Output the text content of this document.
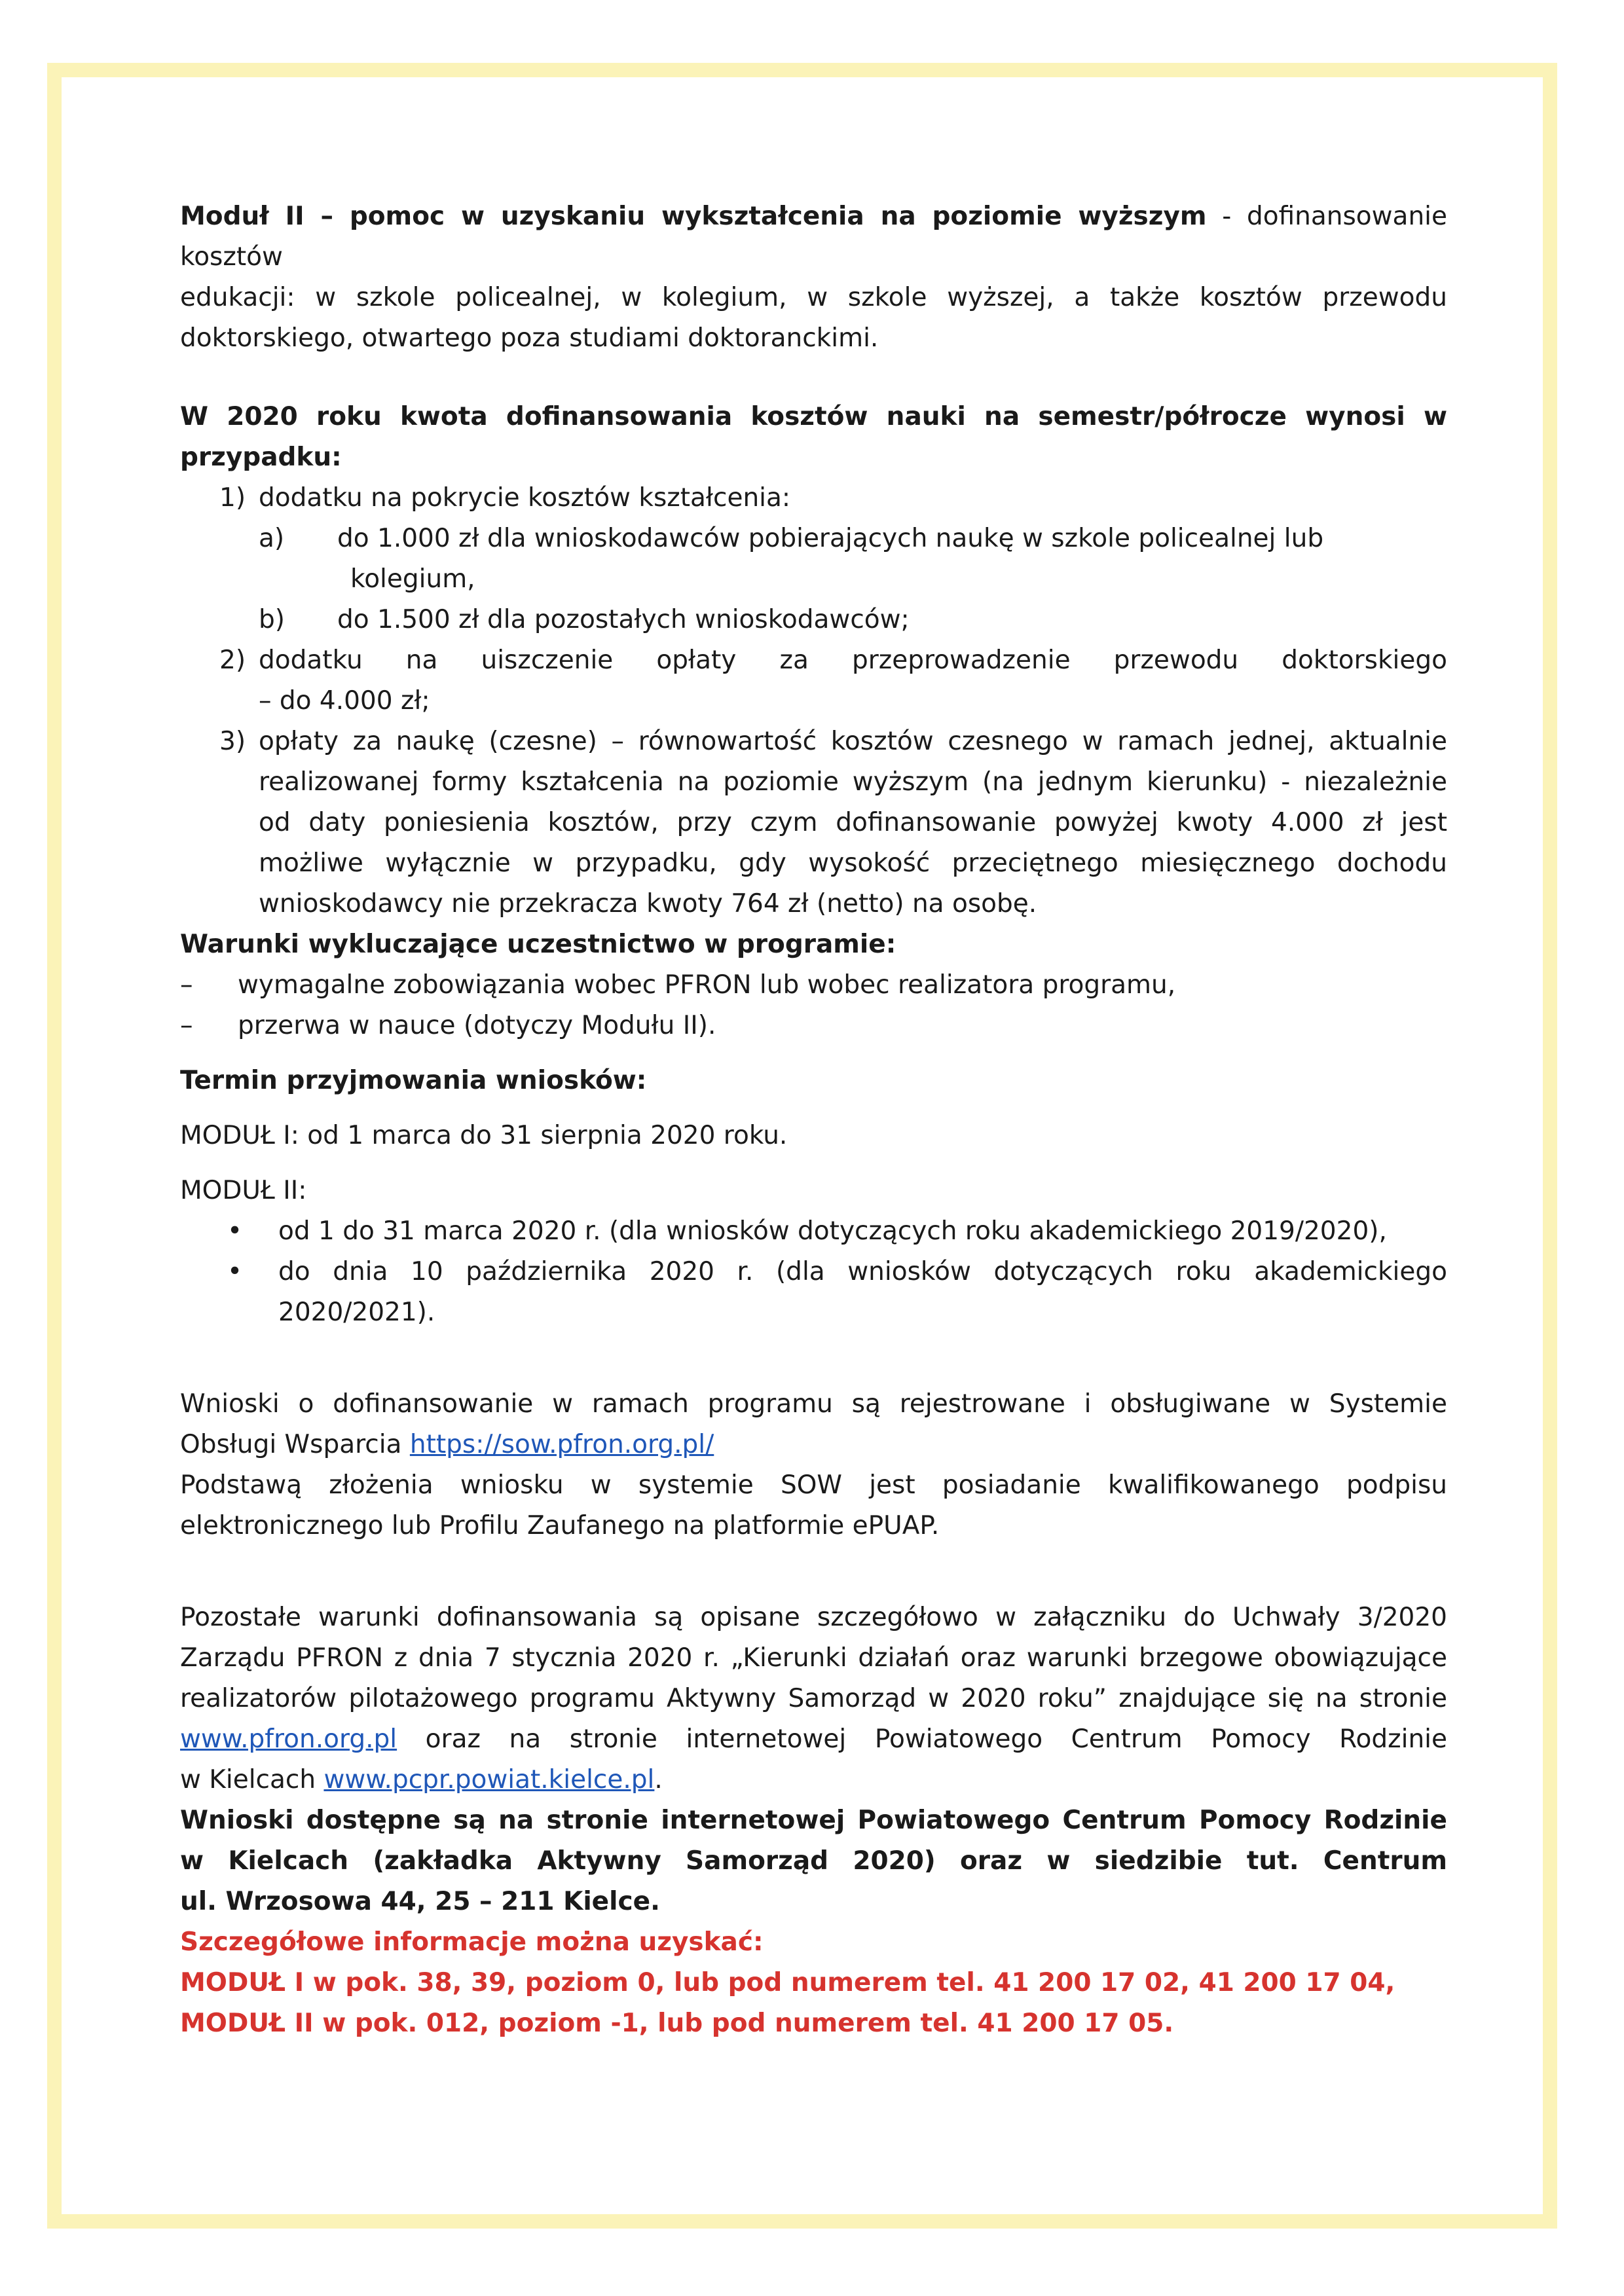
Moduł II – pomoc w uzyskaniu wykształcenia na poziomie wyższym - dofinansowanie kosztów

edukacji: w szkole policealnej, w kolegium, w szkole wyższej, a także kosztów przewodu

doktorskiego, otwartego poza studiami doktoranckimi.

W 2020 roku kwota dofinansowania kosztów nauki na semestr/półrocze wynosi w przypadku:

1) dodatku na pokrycie kosztów kształcenia:

a)	do 1.000 zł dla wnioskodawców pobierających naukę w szkole policealnej lub

kolegium,

b)	do 1.500 zł dla pozostałych wnioskodawców;

2) dodatku na uiszczenie opłaty za przeprowadzenie przewodu doktorskiego

– do 4.000 zł;

3) opłaty za naukę (czesne) – równowartość kosztów czesnego w ramach jednej, aktualnie

realizowanej formy kształcenia na poziomie wyższym (na jednym kierunku) - niezależnie

od daty poniesienia kosztów, przy czym dofinansowanie powyżej kwoty 4.000 zł jest

możliwe wyłącznie w przypadku, gdy wysokość przeciętnego miesięcznego dochodu

wnioskodawcy nie przekracza kwoty 764 zł (netto) na osobę.

Warunki wykluczające uczestnictwo w programie:

– wymagalne zobowiązania wobec PFRON lub wobec realizatora programu,

– przerwa w nauce (dotyczy Modułu II).

Termin przyjmowania wniosków:

MODUŁ I: od 1 marca do 31 sierpnia 2020 roku.

MODUŁ II:

• od 1 do 31 marca 2020 r. (dla wniosków dotyczących roku akademickiego 2019/2020),

• do dnia 10 października 2020 r. (dla wniosków dotyczących roku akademickiego

2020/2021).

Wnioski o dofinansowanie w ramach programu są rejestrowane i obsługiwane w Systemie

Obsługi Wsparcia https://sow.pfron.org.pl/

Podstawą złożenia wniosku w systemie SOW jest posiadanie kwalifikowanego podpisu

elektronicznego lub Profilu Zaufanego na platformie ePUAP.

Pozostałe warunki dofinansowania są opisane szczegółowo w załączniku do Uchwały 3/2020

Zarządu PFRON z dnia 7 stycznia 2020 r. „Kierunki działań oraz warunki brzegowe obowiązujące

realizatorów pilotażowego programu Aktywny Samorząd w 2020 roku” znajdujące się na stronie

www.pfron.org.pl oraz na stronie internetowej Powiatowego Centrum Pomocy Rodzinie

w Kielcach www.pcpr.powiat.kielce.pl.

Wnioski dostępne są na stronie internetowej Powiatowego Centrum Pomocy Rodzinie

w Kielcach (zakładka Aktywny Samorząd 2020) oraz w siedzibie tut. Centrum

ul. Wrzosowa 44, 25 – 211 Kielce.

Szczegółowe informacje można uzyskać:

MODUŁ I w pok. 38, 39, poziom 0, lub pod numerem tel. 41 200 17 02, 41 200 17 04,

MODUŁ II w pok. 012, poziom -1, lub pod numerem tel. 41 200 17 05.
